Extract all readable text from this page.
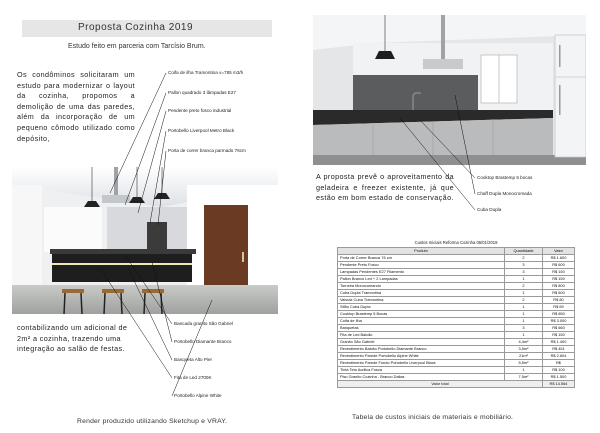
Proposta Cozinha 2019
Estudo feito em parceria com Tarcísio Brum.
Os condôminos solicitaram um estudo para modernizar o layout da cozinha, propomos a demolição de uma das paredes, além da incorporação de um pequeno cômodo utilizado como depósito,
contabilizando um adicional de 2m² a cozinha, trazendo uma integração ao salão de festas.
Coifa de ilha Tramontina v=785 m3/h
Pallon quadrado 3 lâmpadas E27
Pendente preto fosco industrial
Portobello Liverpool Metro Black
Porta de correr branca parmado 76cm
Bancada granito São Gabriel
Portobello Diamante Branco
Banqueta Alto Pier
Fita de Led 2700K
Portobello Alpine White
Cooktop Brastemp 5 bocas
Chaff Dupla Monocromada
Cuba Dupla
A proposta prevê o aproveitamento da geladeira e freezer existente, já que estão em bom estado de conservação.
Custos Iniciais Reforma Cozinha 06/01/2019
Produto	Quantidade	Valor
Porta de Correr Branca 76 cm	2	R$ 1.600
Pendente Preto Fosco	3	R$ 600
Lampadas Pendentes E27 Filamento	3	R$ 150
Pallon Branco Led + 2 Lampadas	1	R$ 150
Torneira Monocomando	2	R$ 800
Cuba Dupla Tramontina	1	R$ 600
Valvula Cuba Tramontina	2	R$ 80
Sifão Cuba Dupla	1	R$ 69
Cooktop Brastemp 5 Bocas	1	R$ 650
Coifa de Ilha	1	R$ 3.000
Banquetas	3	R$ 660
Fita de Led Balcão	1	R$ 150
Granito São Gabriel	4,4m²	R$ 1.400
Revestimento Balcão Portobello Diamante Branco	3,5m²	R$ 451
Revestimento Parede Portobello Alpine White	21m²	R$ 2.604
Revestimento Parede Fundo Portobello Liverpool Black	5,5m²	R$
Tinta Teto Acrilica Fosca	1	R$ 100
Piso Granito Cozinha - Branco Dallas	7,5m²	R$ 1.500
Valor total		R$ 14.564
Render produzido utilizando Sketchup e VRAY.
Tabela de custos iniciais de materiais e mobiliário.
